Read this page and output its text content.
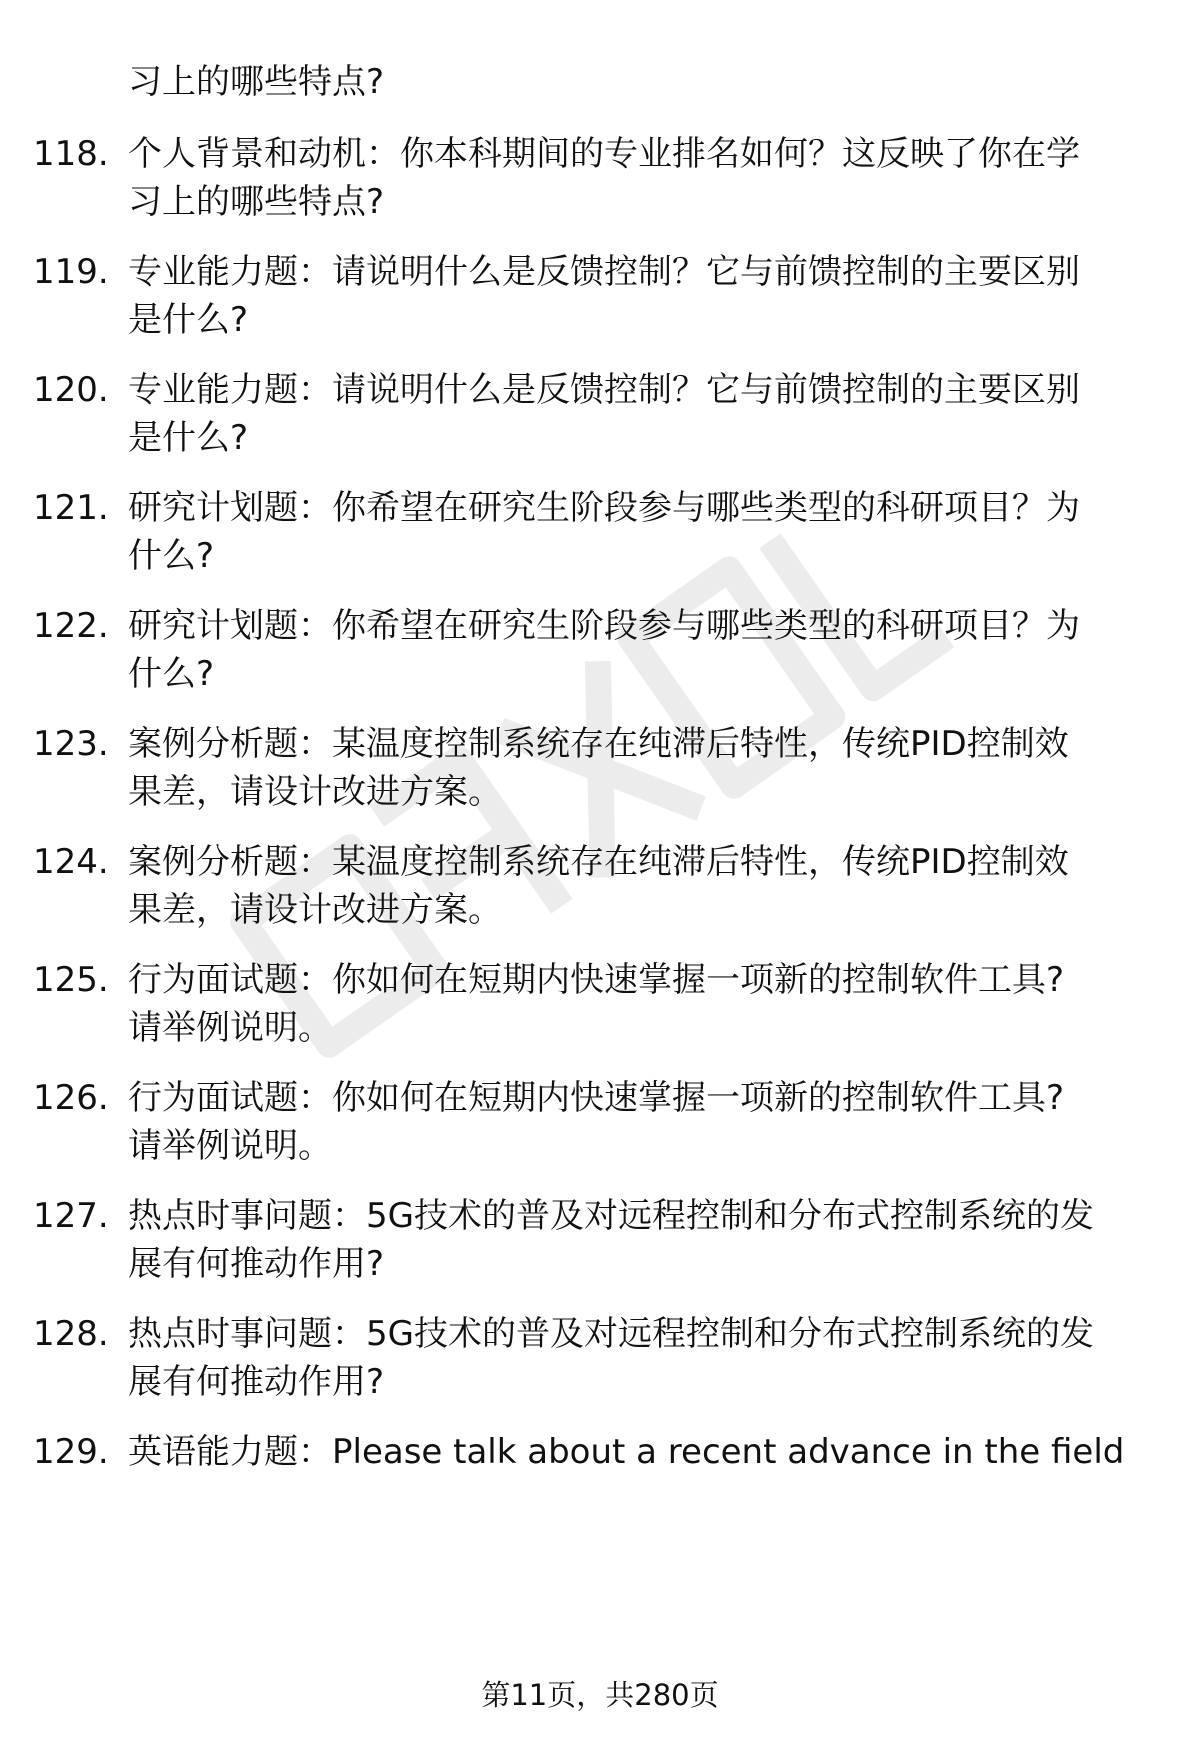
习上的哪些特点?
118. 个人背景和动机：你本科期间的专业排名如何？这反映了你在学
习上的哪些特点?
119. 专业能力题：请说明什么是反馈控制？它与前馈控制的主要区别
是什么?
120. 专业能力题：请说明什么是反馈控制？它与前馈控制的主要区别
是什么?
121. 研究计划题：你希望在研究生阶段参与哪些类型的科研项目？为
什么?
122. 研究计划题：你希望在研究生阶段参与哪些类型的科研项目？为
什么?
123. 案例分析题：某温度控制系统存在纯滞后特性，传统PID控制效
果差，请设计改进方案。
124. 案例分析题：某温度控制系统存在纯滞后特性，传统PID控制效
果差，请设计改进方案。
125. 行为面试题：你如何在短期内快速掌握一项新的控制软件工具?
请举例说明。
126. 行为面试题：你如何在短期内快速掌握一项新的控制软件工具?
请举例说明。
127. 热点时事问题：5G技术的普及对远程控制和分布式控制系统的发
展有何推动作用?
128. 热点时事问题：5G技术的普及对远程控制和分布式控制系统的发
展有何推动作用?
129. 英语能力题：Please talk about a recent advance in the field
第11页，共280页
